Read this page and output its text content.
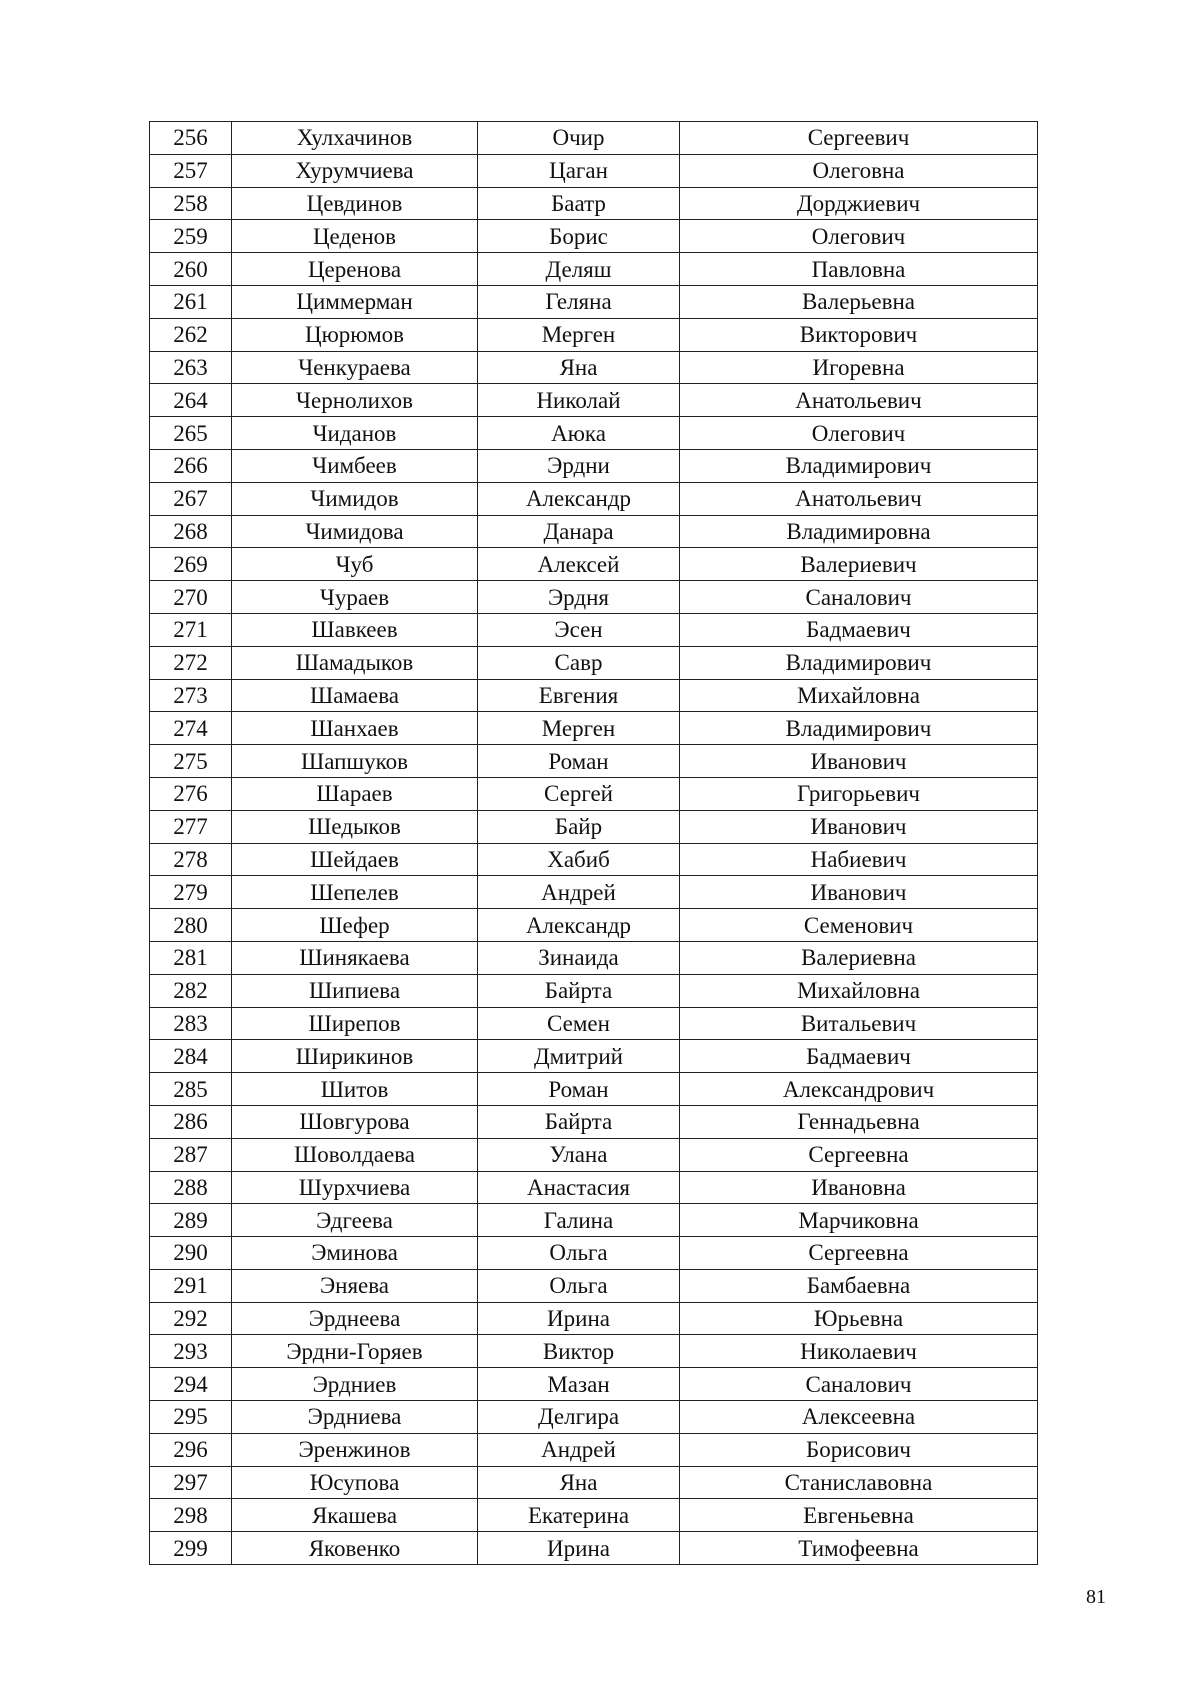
256	Хулхачинов	Очир	Сергеевич
257	Хурумчиева	Цаган	Олеговна
258	Цевдинов	Баатр	Дорджиевич
259	Цеденов	Борис	Олегович
260	Церенова	Деляш	Павловна
261	Циммерман	Геляна	Валерьевна
262	Цюрюмов	Мерген	Викторович
263	Ченкураева	Яна	Игоревна
264	Чернолихов	Николай	Анатольевич
265	Чиданов	Аюка	Олегович
266	Чимбеев	Эрдни	Владимирович
267	Чимидов	Александр	Анатольевич
268	Чимидова	Данара	Владимировна
269	Чуб	Алексей	Валериевич
270	Чураев	Эрдня	Саналович
271	Шавкеев	Эсен	Бадмаевич
272	Шамадыков	Савр	Владимирович
273	Шамаева	Евгения	Михайловна
274	Шанхаев	Мерген	Владимирович
275	Шапшуков	Роман	Иванович
276	Шараев	Сергей	Григорьевич
277	Шедыков	Байр	Иванович
278	Шейдаев	Хабиб	Набиевич
279	Шепелев	Андрей	Иванович
280	Шефер	Александр	Семенович
281	Шинякаева	Зинаида	Валериевна
282	Шипиева	Байрта	Михайловна
283	Ширепов	Семен	Витальевич
284	Ширикинов	Дмитрий	Бадмаевич
285	Шитов	Роман	Александрович
286	Шовгурова	Байрта	Геннадьевна
287	Шоволдаева	Улана	Сергеевна
288	Шурхчиева	Анастасия	Ивановна
289	Эдгеева	Галина	Марчиковна
290	Эминова	Ольга	Сергеевна
291	Эняева	Ольга	Бамбаевна
292	Эрднеева	Ирина	Юрьевна
293	Эрдни-Горяев	Виктор	Николаевич
294	Эрдниев	Мазан	Саналович
295	Эрдниева	Делгира	Алексеевна
296	Эренжинов	Андрей	Борисович
297	Юсупова	Яна	Станиславовна
298	Якашева	Екатерина	Евгеньевна
299	Яковенко	Ирина	Тимофеевна
81
